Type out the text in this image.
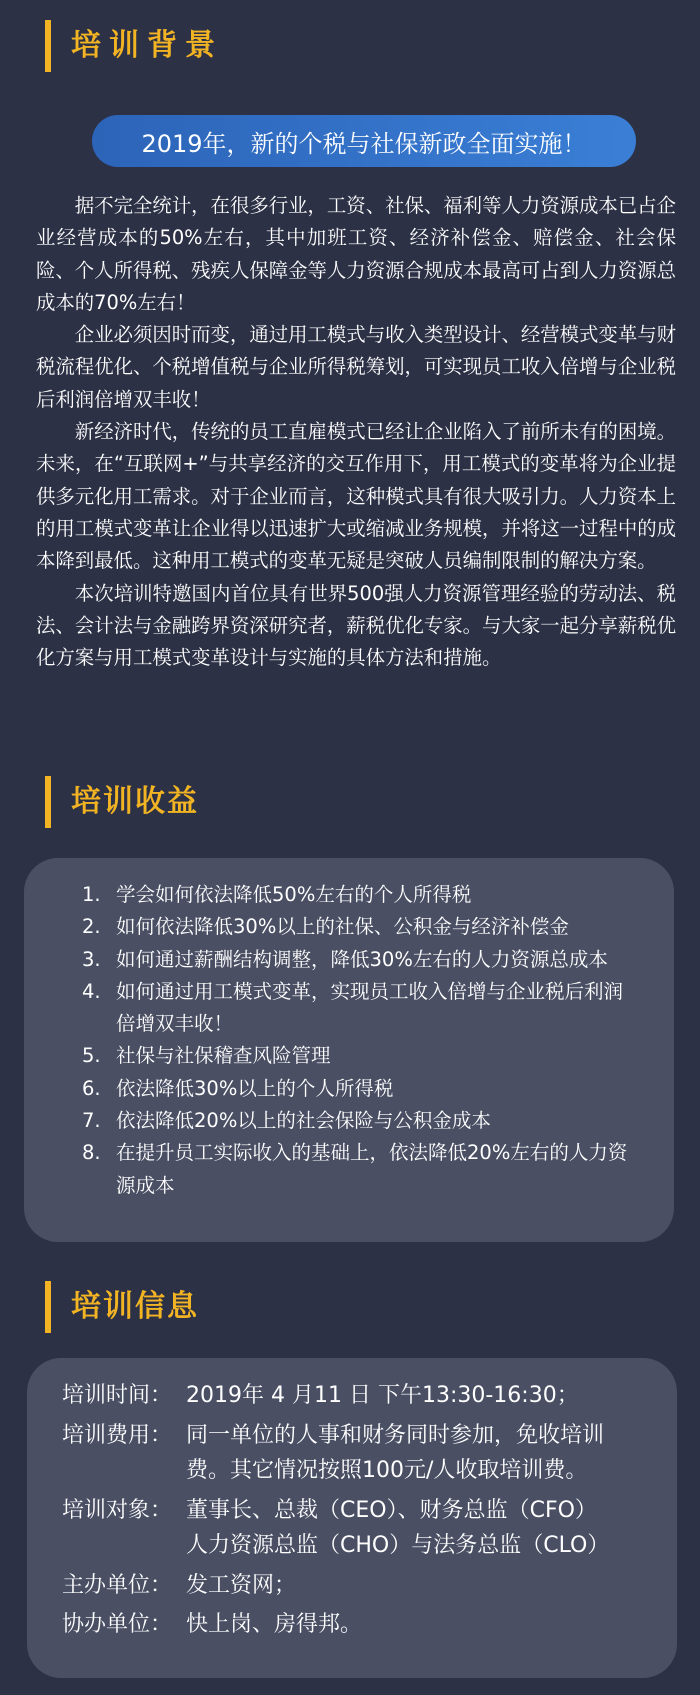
培训背景
2019年，新的个税与社保新政全面实施！

据不完全统计，在很多行业，工资、社保、福利等人力资源成本已占企业经营成本的50%左右，其中加班工资、经济补偿金、赔偿金、社会保险、个人所得税、残疾人保障金等人力资源合规成本最高可占到人力资源总成本的70%左右！

企业必须因时而变，通过用工模式与收入类型设计、经营模式变革与财税流程优化、个税增值税与企业所得税筹划，可实现员工收入倍增与企业税后利润倍增双丰收！

新经济时代，传统的员工直雇模式已经让企业陷入了前所未有的困境。未来，在“互联网+”与共享经济的交互作用下，用工模式的变革将为企业提供多元化用工需求。对于企业而言，这种模式具有很大吸引力。人力资本上的用工模式变革让企业得以迅速扩大或缩减业务规模，并将这一过程中的成本降到最低。这种用工模式的变革无疑是突破人员编制限制的解决方案。

本次培训特邀国内首位具有世界500强人力资源管理经验的劳动法、税法、会计法与金融跨界资深研究者，薪税优化专家。与大家一起分享薪税优化方案与用工模式变革设计与实施的具体方法和措施。

培训收益
1. 学会如何依法降低50%左右的个人所得税
2. 如何依法降低30%以上的社保、公积金与经济补偿金
3. 如何通过薪酬结构调整，降低30%左右的人力资源总成本
4. 如何通过用工模式变革，实现员工收入倍增与企业税后利润倍增双丰收！
5. 社保与社保稽查风险管理
6. 依法降低30%以上的个人所得税
7. 依法降低20%以上的社会保险与公积金成本
8. 在提升员工实际收入的基础上，依法降低20%左右的人力资源成本
培训信息
培训时间： 2019年 4 月11 日 下午13:30-16:30；
培训费用： 同一单位的人事和财务同时参加，免收培训
费。其它情况按照100元/人收取培训费。
培训对象： 董事长、总裁（CEO）、财务总监（CFO）
人力资源总监（CHO）与法务总监（CLO）
主办单位： 发工资网；
协办单位： 快上岗、房得邦。
